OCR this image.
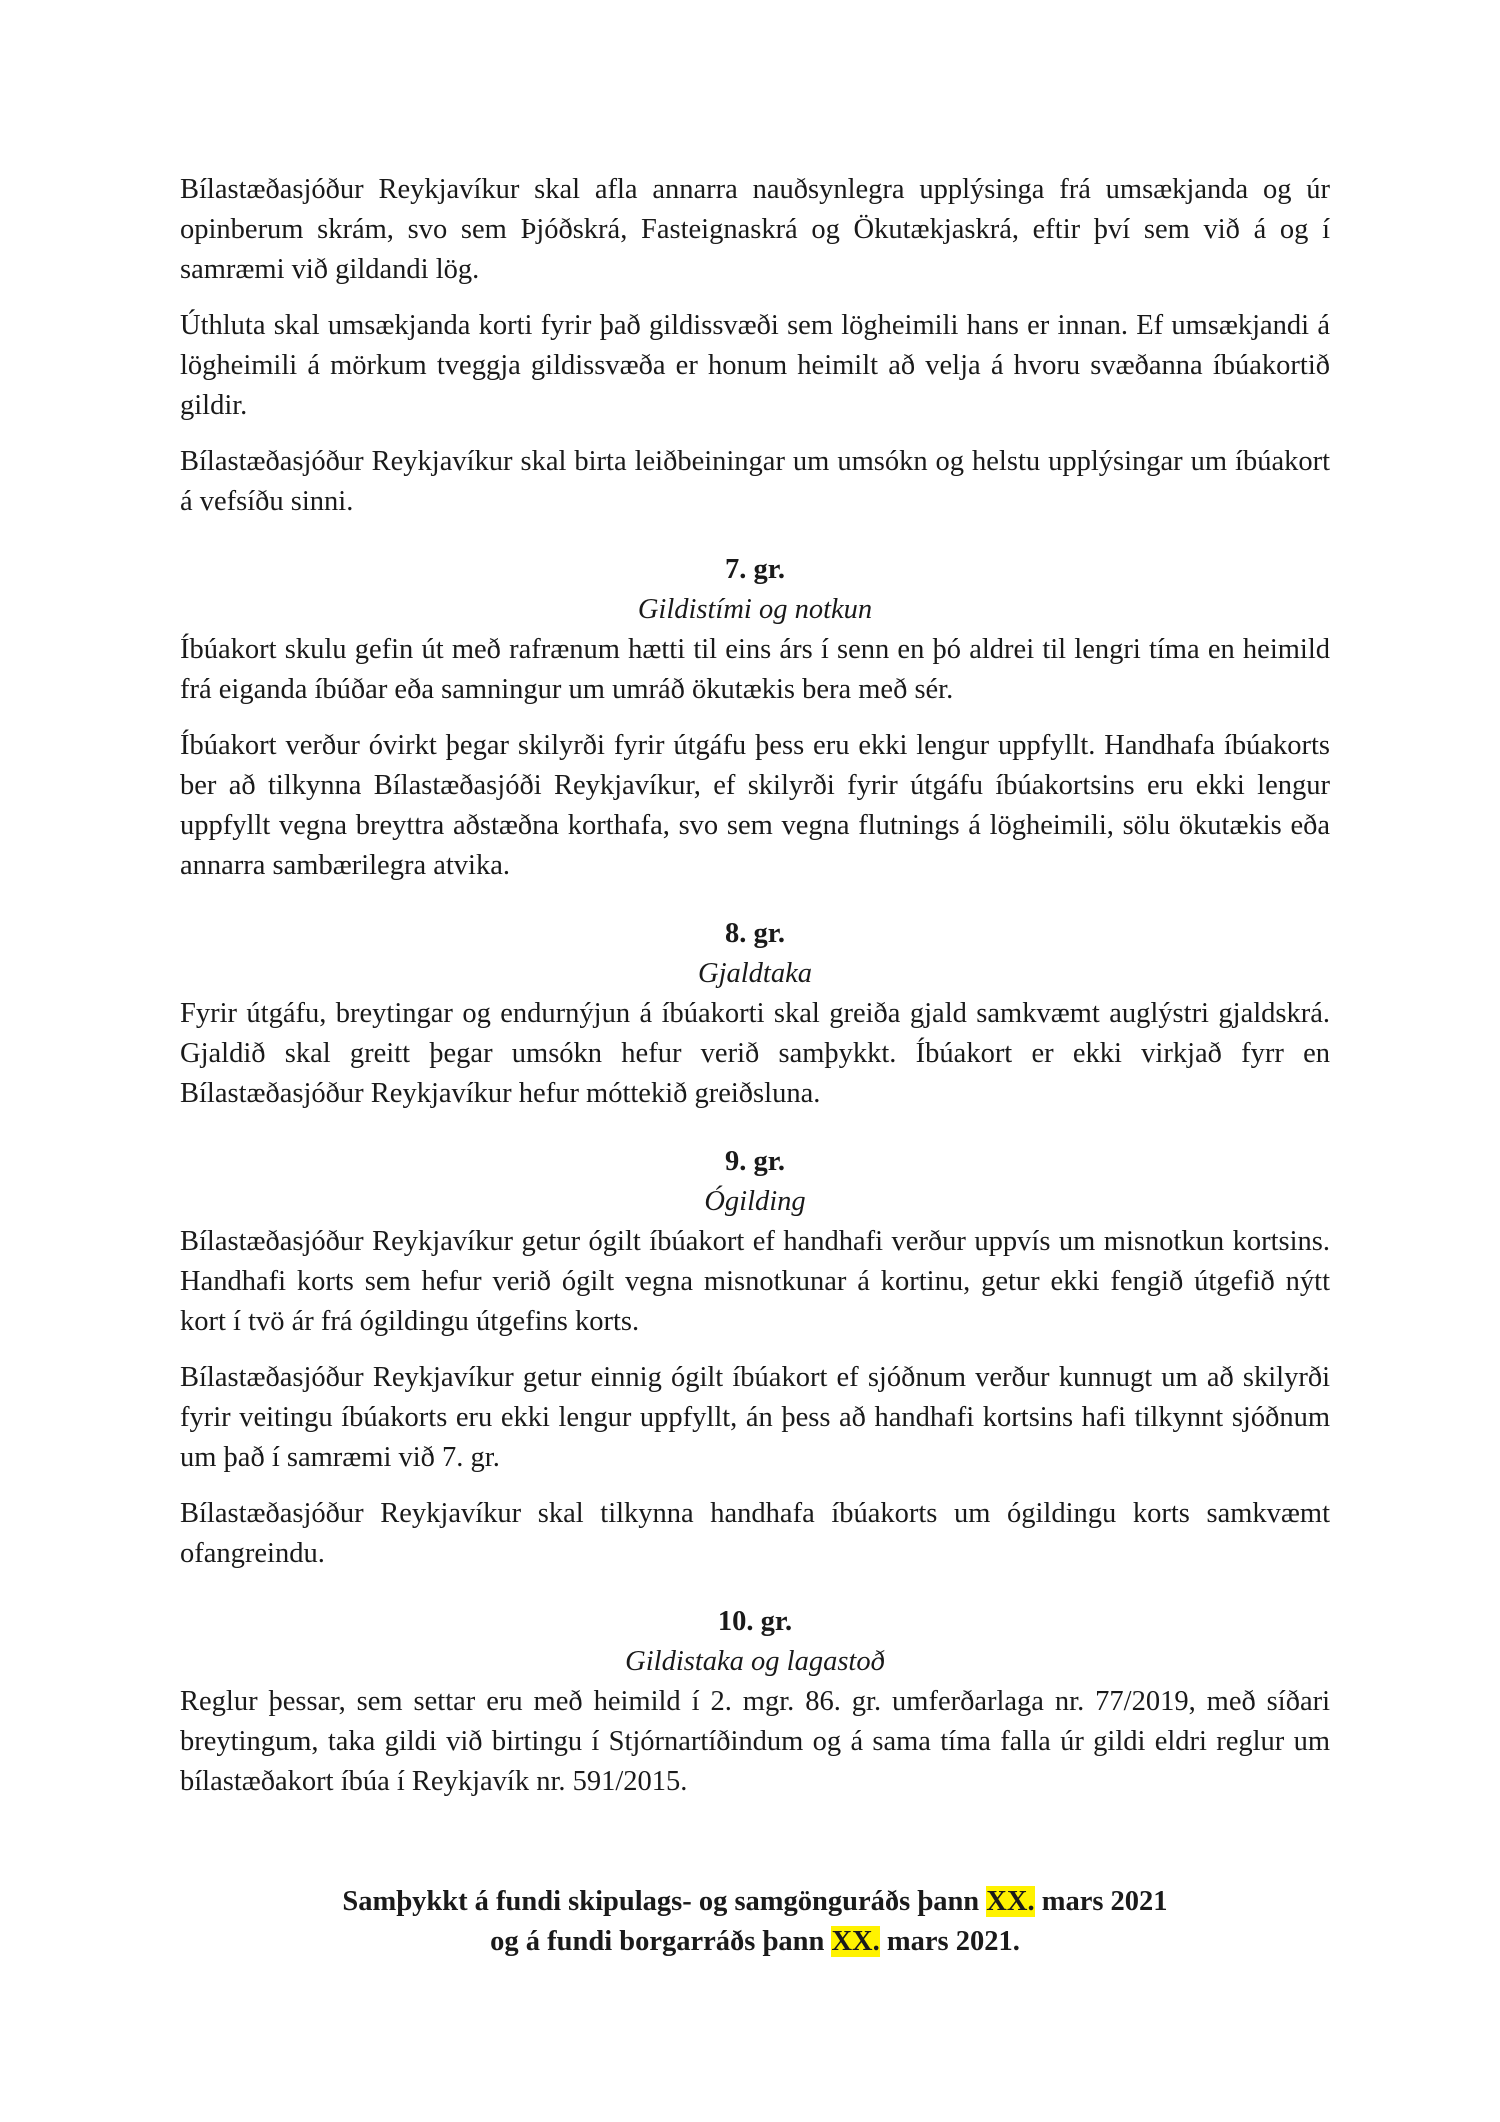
Bílastæðasjóður Reykjavíkur skal afla annarra nauðsynlegra upplýsinga frá umsækjanda og úr opinberum skrám, svo sem Þjóðskrá, Fasteignaskrá og Ökutækjaskrá, eftir því sem við á og í samræmi við gildandi lög.

Úthluta skal umsækjanda korti fyrir það gildissvæði sem lögheimili hans er innan. Ef umsækjandi á lögheimili á mörkum tveggja gildissvæða er honum heimilt að velja á hvoru svæðanna íbúakortið gildir.

Bílastæðasjóður Reykjavíkur skal birta leiðbeiningar um umsókn og helstu upplýsingar um íbúakort á vefsíðu sinni.

7. gr.
Gildistími og notkun

Íbúakort skulu gefin út með rafrænum hætti til eins árs í senn en þó aldrei til lengri tíma en heimild frá eiganda íbúðar eða samningur um umráð ökutækis bera með sér.

Íbúakort verður óvirkt þegar skilyrði fyrir útgáfu þess eru ekki lengur uppfyllt. Handhafa íbúakorts ber að tilkynna Bílastæðasjóði Reykjavíkur, ef skilyrði fyrir útgáfu íbúakortsins eru ekki lengur uppfyllt vegna breyttra aðstæðna korthafa, svo sem vegna flutnings á lögheimili, sölu ökutækis eða annarra sambærilegra atvika.

8. gr.
Gjaldtaka

Fyrir útgáfu, breytingar og endurnýjun á íbúakorti skal greiða gjald samkvæmt auglýstri gjaldskrá. Gjaldið skal greitt þegar umsókn hefur verið samþykkt. Íbúakort er ekki virkjað fyrr en Bílastæðasjóður Reykjavíkur hefur móttekið greiðsluna.

9. gr.
Ógilding

Bílastæðasjóður Reykjavíkur getur ógilt íbúakort ef handhafi verður uppvís um misnotkun kortsins. Handhafi korts sem hefur verið ógilt vegna misnotkunar á kortinu, getur ekki fengið útgefið nýtt kort í tvö ár frá ógildingu útgefins korts.

Bílastæðasjóður Reykjavíkur getur einnig ógilt íbúakort ef sjóðnum verður kunnugt um að skilyrði fyrir veitingu íbúakorts eru ekki lengur uppfyllt, án þess að handhafi kortsins hafi tilkynnt sjóðnum um það í samræmi við 7. gr.

Bílastæðasjóður Reykjavíkur skal tilkynna handhafa íbúakorts um ógildingu korts samkvæmt ofangreindu.

10. gr.
Gildistaka og lagastoð

Reglur þessar, sem settar eru með heimild í 2. mgr. 86. gr. umferðarlaga nr. 77/2019, með síðari breytingum, taka gildi við birtingu í Stjórnartíðindum og á sama tíma falla úr gildi eldri reglur um bílastæðakort íbúa í Reykjavík nr. 591/2015.

Samþykkt á fundi skipulags- og samgönguráðs þann XX. mars 2021
og á fundi borgarráðs þann XX. mars 2021.
